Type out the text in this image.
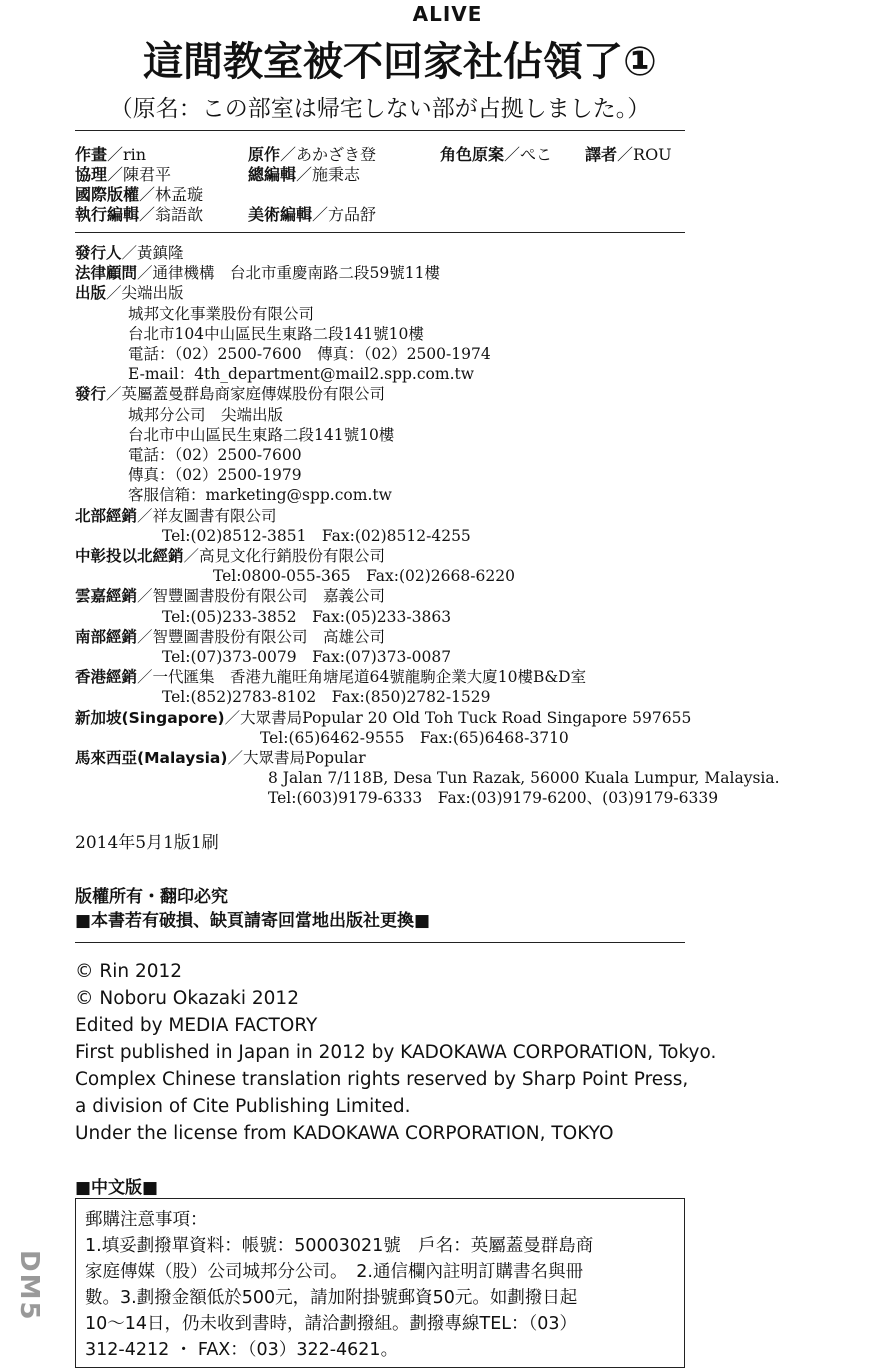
ALIVE
這間教室被不回家社佔領了①
（原名：この部室は帰宅しない部が占拠しました。）
作畫／rin	原作／あかざき登	角色原案／ぺこ 譯者／ROU
協理／陳君平	總編輯／施秉志
國際版權／林孟璇
執行編輯／翁語歆	美術編輯／方品舒
發行人／黃鎮隆
法律顧問／通律機構　台北市重慶南路二段59號11樓
出版／尖端出版
城邦文化事業股份有限公司
台北市104中山區民生東路二段141號10樓
電話：（02）2500-7600　傳真：（02）2500-1974
E-mail：4th_department@mail2.spp.com.tw
發行／英屬蓋曼群島商家庭傳媒股份有限公司
城邦分公司　尖端出版
台北市中山區民生東路二段141號10樓
電話：（02）2500-7600
傳真：（02）2500-1979
客服信箱：marketing@spp.com.tw
北部經銷／祥友圖書有限公司
Tel:(02)8512-3851　Fax:(02)8512-4255
中彰投以北經銷／高見文化行銷股份有限公司
Tel:0800-055-365　Fax:(02)2668-6220
雲嘉經銷／智豐圖書股份有限公司　嘉義公司
Tel:(05)233-3852　Fax:(05)233-3863
南部經銷／智豐圖書股份有限公司　高雄公司
Tel:(07)373-0079　Fax:(07)373-0087
香港經銷／一代匯集　香港九龍旺角塘尾道64號龍駒企業大廈10樓B&D室
Tel:(852)2783-8102　Fax:(850)2782-1529
新加坡(Singapore)／大眾書局Popular 20 Old Toh Tuck Road Singapore 597655
Tel:(65)6462-9555　Fax:(65)6468-3710
馬來西亞(Malaysia)／大眾書局Popular
8 Jalan 7/118B, Desa Tun Razak, 56000 Kuala Lumpur, Malaysia.
Tel:(603)9179-6333　Fax:(03)9179-6200、(03)9179-6339
2014年5月1版1刷
版權所有・翻印必究
■本書若有破損、缺頁請寄回當地出版社更換■
© Rin 2012
© Noboru Okazaki 2012
Edited by MEDIA FACTORY
First published in Japan in 2012 by KADOKAWA CORPORATION, Tokyo.
Complex Chinese translation rights reserved by Sharp Point Press,
a division of Cite Publishing Limited.
Under the license from KADOKAWA CORPORATION, TOKYO
■中文版■
郵購注意事項：
1.填妥劃撥單資料：帳號：50003021號　戶名：英屬蓋曼群島商
家庭傳媒（股）公司城邦分公司。　2.通信欄內註明訂購書名與冊
數。3.劃撥金額低於500元，請加附掛號郵資50元。如劃撥日起
10～14日，仍未收到書時，請洽劃撥組。劃撥專線TEL：（03）
312-4212 ・ FAX：（03）322-4621。
DM5
